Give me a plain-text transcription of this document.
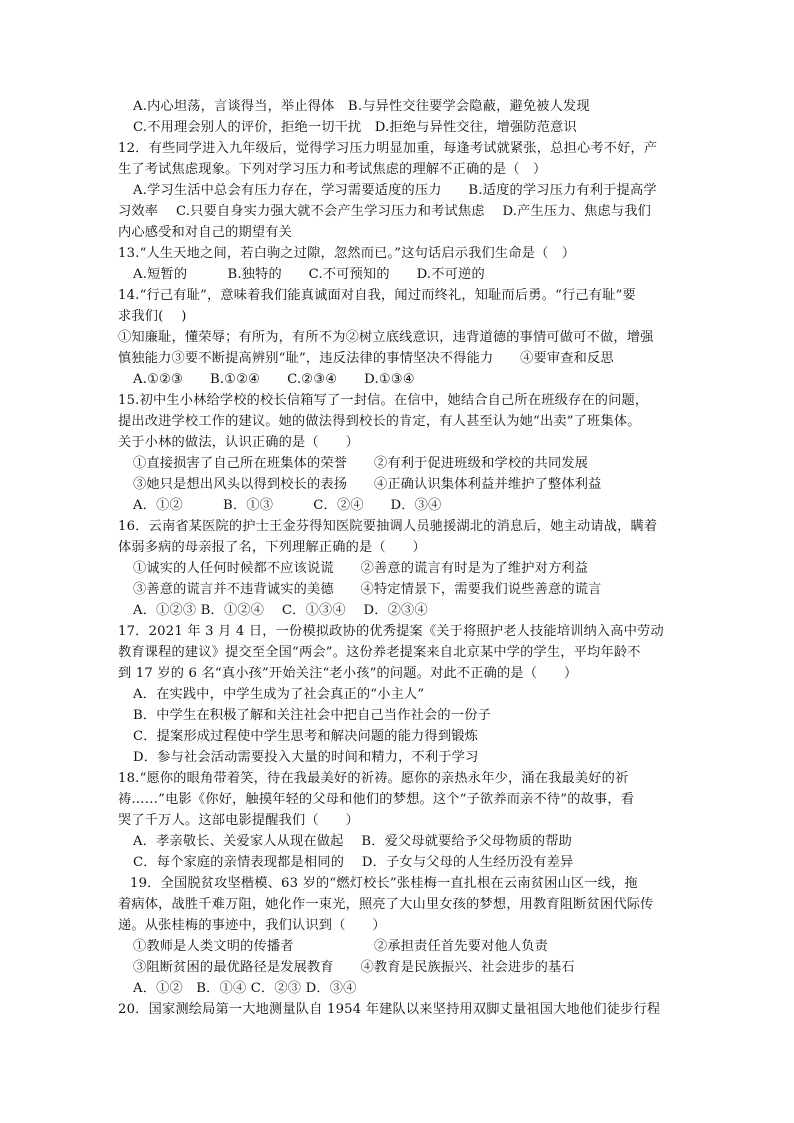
A.内心坦荡，言谈得当，举止得体　B.与异性交往要学会隐蔽，避免被人发现
C.不用理会别人的评价，拒绝一切干扰　D.拒绝与异性交往，增强防范意识
12．有些同学进入九年级后，觉得学习压力明显加重，每逢考试就紧张，总担心考不好，产
生了考试焦虑现象。下列对学习压力和考试焦虑的理解不正确的是（　）
A.学习生活中总会有压力存在，学习需要适度的压力　　B.适度的学习压力有利于提高学
习效率　 C.只要自身实力强大就不会产生学习压力和考试焦虑　 D.产生压力、焦虑与我们
内心感受和对自己的期望有关
13.“人生天地之间，若白驹之过隙，忽然而已。”这句话启示我们生命是（　）
A.短暂的　　　B.独特的　　C.不可预知的　　D.不可逆的
14.“行己有耻”，意味着我们能真诚面对自我，闻过而终礼，知耻而后勇。“行己有耻”要
求我们(　 )
①知廉耻，懂荣辱；有所为，有所不为②树立底线意识，违背道德的事情可做可不做，增强
慎独能力③要不断提高辨别“耻”，违反法律的事情坚决不得能力　　④要审查和反思
A.①②③　　B.①②④　　C.②③④　　D.①③④
15.初中生小林给学校的校长信箱写了一封信。在信中，她结合自己所在班级存在的问题，
提出改进学校工作的建议。她的做法得到校长的肯定，有人甚至认为她“出卖”了班集体。
关于小林的做法，认识正确的是（　　）
①直接损害了自己所在班集体的荣誉　　②有利于促进班级和学校的共同发展
③她只是想出风头以得到校长的表扬　　④正确认识集体利益并维护了整体利益
A．①②　　　B．①③　　　C．②④　　D．③④
16．云南省某医院的护士王金芬得知医院要抽调人员驰援湖北的消息后，她主动请战，瞒着
体弱多病的母亲报了名，下列理解正确的是（　　）
①诚实的人任何时候都不应该说谎　　②善意的谎言有时是为了维护对方利益
③善意的谎言并不违背诚实的美德　　④特定情景下，需要我们说些善意的谎言
A．①②③ B．①②④　 C．①③④　 D．②③④
17．2021 年 3 月 4 日，一份模拟政协的优秀提案《关于将照护老人技能培训纳入高中劳动
教育课程的建议》提交至全国“两会”。这份养老提案来自北京某中学的学生，平均年龄不
到 17 岁的 6 名“真小孩”开始关注“老小孩”的问题。对此不正确的是（　　）
A．在实践中，中学生成为了社会真正的“小主人”
B．中学生在积极了解和关注社会中把自己当作社会的一份子
C．提案形成过程使中学生思考和解决问题的能力得到锻炼
D．参与社会活动需要投入大量的时间和精力，不利于学习
18.“愿你的眼角带着笑，待在我最美好的祈祷。愿你的亲热永年少，涌在我最美好的祈
祷……”电影《你好，触摸年轻的父母和他们的梦想。这个“子欲养而亲不待”的故事，看
哭了千万人。这部电影提醒我们（　　）
A．孝亲敬长、关爱家人从现在做起　 B．爱父母就要给予父母物质的帮助
C．每个家庭的亲情表现都是相同的　 D．子女与父母的人生经历没有差异
19．全国脱贫攻坚楷模、63 岁的“燃灯校长”张桂梅一直扎根在云南贫困山区一线，拖
着病体，战胜千难万阻，她化作一束光，照亮了大山里女孩的梦想，用教育阻断贫困代际传
递。从张桂梅的事迹中，我们认识到（　　）
①教师是人类文明的传播者　　　　　　②承担责任首先要对他人负责
③阻断贫困的最优路径是发展教育　　④教育是民族振兴、社会进步的基石
A．①②　B．①④ C．②③ D．③④
20．国家测绘局第一大地测量队自 1954 年建队以来坚持用双脚丈量祖国大地他们徒步行程
